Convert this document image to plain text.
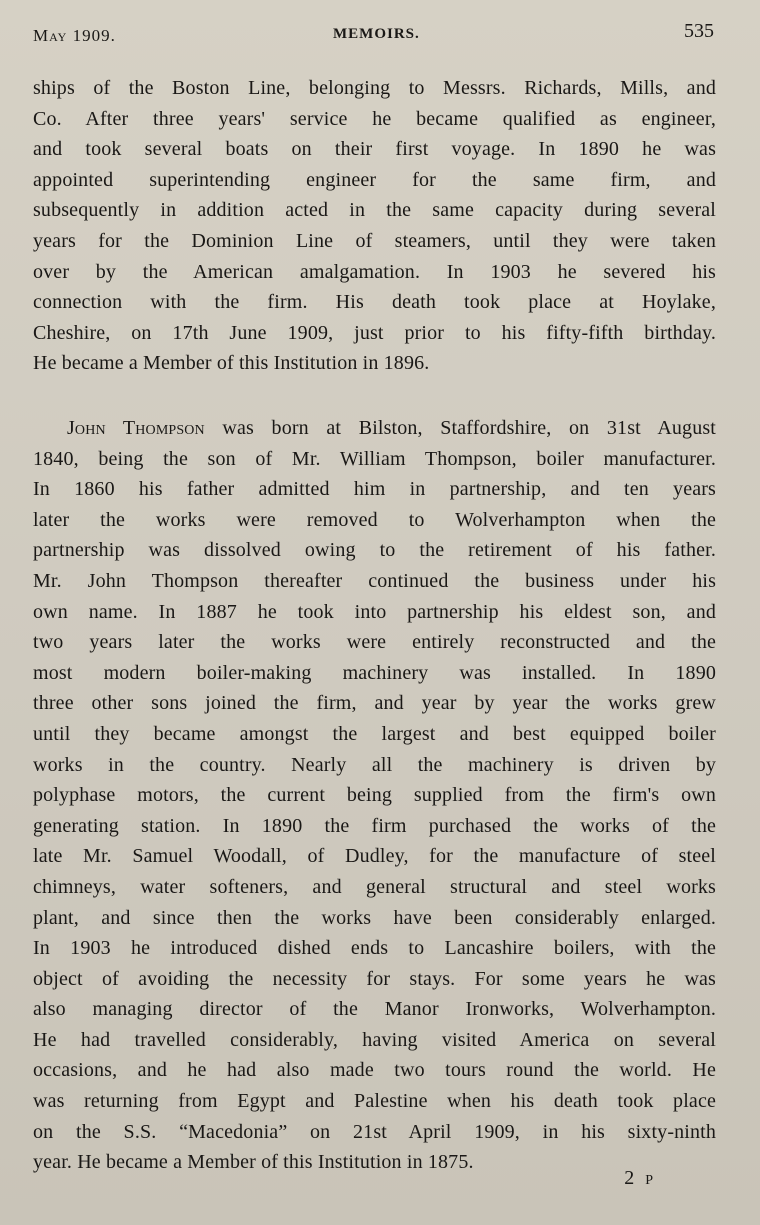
May 1909.	MEMOIRS.	535
ships of the Boston Line, belonging to Messrs. Richards, Mills, and
Co. After three years' service he became qualified as engineer,
and took several boats on their first voyage. In 1890 he was
appointed superintending engineer for the same firm, and
subsequently in addition acted in the same capacity during several
years for the Dominion Line of steamers, until they were taken
over by the American amalgamation. In 1903 he severed his
connection with the firm. His death took place at Hoylake,
Cheshire, on 17th June 1909, just prior to his fifty-fifth birthday.
He became a Member of this Institution in 1896.
John Thompson was born at Bilston, Staffordshire, on 31st August
1840, being the son of Mr. William Thompson, boiler manufacturer.
In 1860 his father admitted him in partnership, and ten years
later the works were removed to Wolverhampton when the
partnership was dissolved owing to the retirement of his father.
Mr. John Thompson thereafter continued the business under his
own name. In 1887 he took into partnership his eldest son, and
two years later the works were entirely reconstructed and the
most modern boiler-making machinery was installed. In 1890
three other sons joined the firm, and year by year the works grew
until they became amongst the largest and best equipped boiler
works in the country. Nearly all the machinery is driven by
polyphase motors, the current being supplied from the firm's own
generating station. In 1890 the firm purchased the works of the
late Mr. Samuel Woodall, of Dudley, for the manufacture of steel
chimneys, water softeners, and general structural and steel works
plant, and since then the works have been considerably enlarged.
In 1903 he introduced dished ends to Lancashire boilers, with the
object of avoiding the necessity for stays. For some years he was
also managing director of the Manor Ironworks, Wolverhampton.
He had travelled considerably, having visited America on several
occasions, and he had also made two tours round the world. He
was returning from Egypt and Palestine when his death took place
on the S.S. “Macedonia” on 21st April 1909, in his sixty-ninth
year. He became a Member of this Institution in 1875.
2 P
